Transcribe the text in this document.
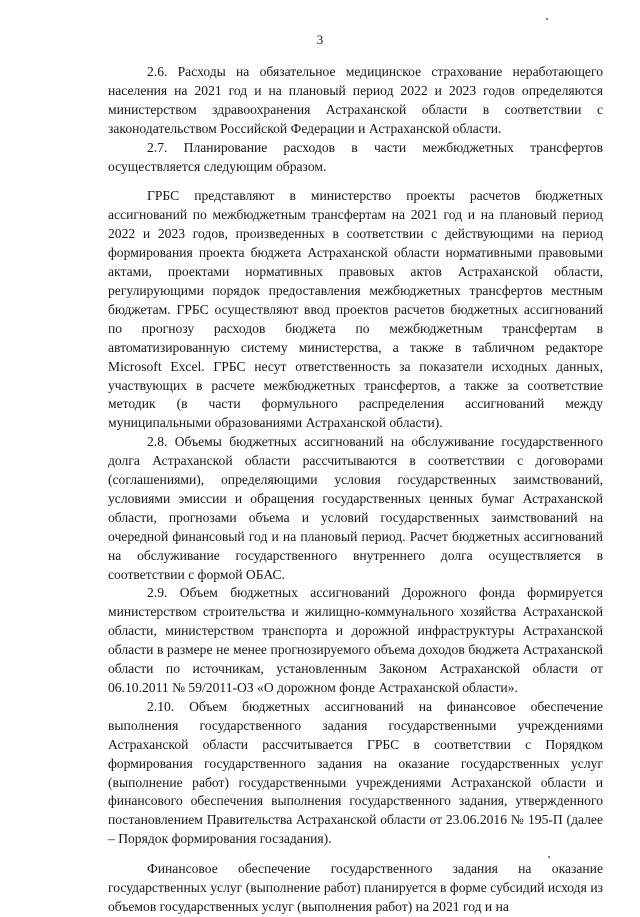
3

2.6. Расходы на обязательное медицинское страхование неработающего населения на 2021 год и на плановый период 2022 и 2023 годов определяются министерством здравоохранения Астраханской области в соответствии с законодательством Российской Федерации и Астраханской области.

2.7. Планирование расходов в части межбюджетных трансфертов осуществляется следующим образом.

ГРБС представляют в министерство проекты расчетов бюджетных ассигнований по межбюджетным трансфертам на 2021 год и на плановый период 2022 и 2023 годов, произведенных в соответствии с действующими на период формирования проекта бюджета Астраханской области нормативными правовыми актами, проектами нормативных правовых актов Астраханской области, регулирующими порядок предоставления межбюджетных трансфертов местным бюджетам. ГРБС осуществляют ввод проектов расчетов бюджетных ассигнований по прогнозу расходов бюджета по межбюджетным трансфертам в автоматизированную систему министерства, а также в табличном редакторе Microsoft Excel. ГРБС несут ответственность за показатели исходных данных, участвующих в расчете межбюджетных трансфертов, а также за соответствие методик (в части формульного распределения ассигнований между муниципальными образованиями Астраханской области).

2.8. Объемы бюджетных ассигнований на обслуживание государственного долга Астраханской области рассчитываются в соответствии с договорами (соглашениями), определяющими условия государственных заимствований, условиями эмиссии и обращения государственных ценных бумаг Астраханской области, прогнозами объема и условий государственных заимствований на очередной финансовый год и на плановый период. Расчет бюджетных ассигнований на обслуживание государственного внутреннего долга осуществляется в соответствии с формой ОБАС.

2.9. Объем бюджетных ассигнований Дорожного фонда формируется министерством строительства и жилищно-коммунального хозяйства Астраханской области, министерством транспорта и дорожной инфраструктуры Астраханской области в размере не менее прогнозируемого объема доходов бюджета Астраханской области по источникам, установленным Законом Астраханской области от 06.10.2011 № 59/2011-ОЗ «О дорожном фонде Астраханской области».

2.10. Объем бюджетных ассигнований на финансовое обеспечение выполнения государственного задания государственными учреждениями Астраханской области рассчитывается ГРБС в соответствии с Порядком формирования государственного задания на оказание государственных услуг (выполнение работ) государственными учреждениями Астраханской области и финансового обеспечения выполнения государственного задания, утвержденного постановлением Правительства Астраханской области от 23.06.2016 № 195-П (далее – Порядок формирования госзадания).

Финансовое обеспечение государственного задания на оказание государственных услуг (выполнение работ) планируется в форме субсидий исходя из объемов государственных услуг (выполнения работ) на 2021 год и на
